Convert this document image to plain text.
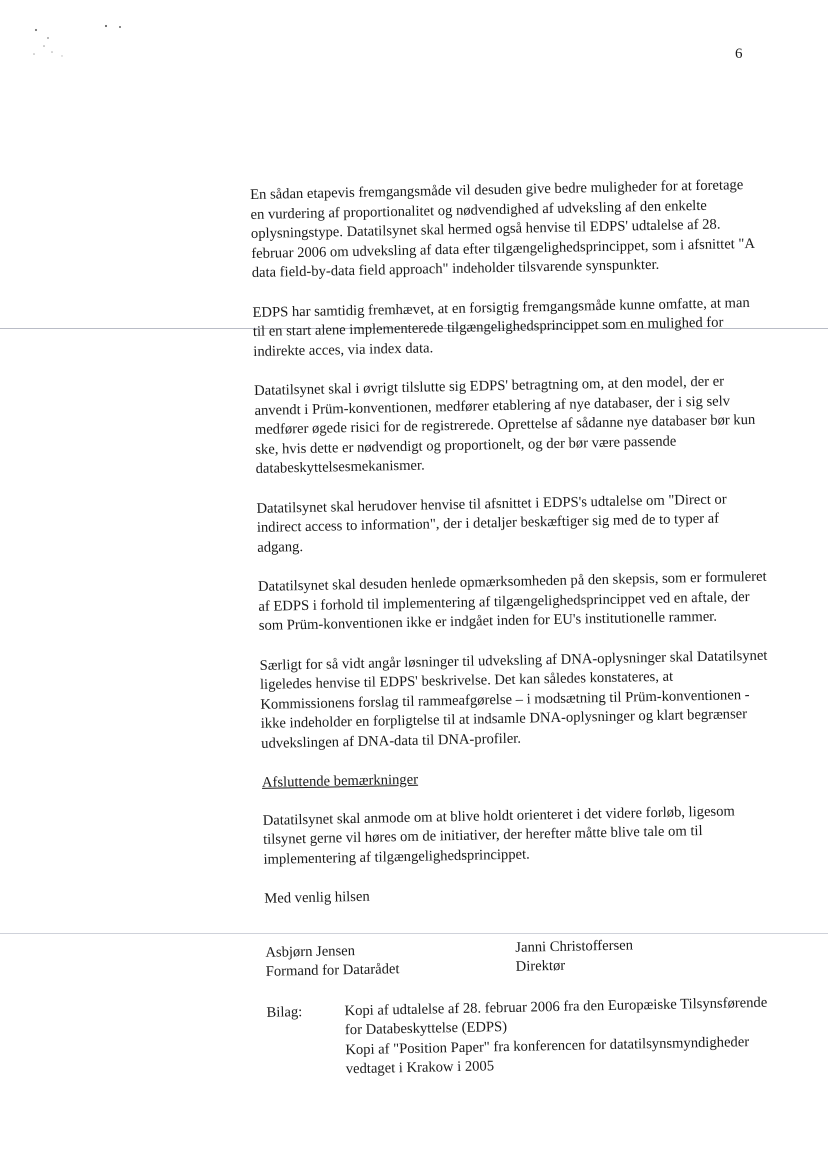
6

En sådan etapevis fremgangsmåde vil desuden give bedre muligheder for at foretage en vurdering af proportionalitet og nødvendighed af udveksling af den enkelte oplysningstype. Datatilsynet skal hermed også henvise til EDPS' udtalelse af 28. februar 2006 om udveksling af data efter tilgængelighedsprincippet, som i afsnittet "A data field-by-data field approach" indeholder tilsvarende synspunkter.

EDPS har samtidig fremhævet, at en forsigtig fremgangsmåde kunne omfatte, at man til en start alene implementerede tilgængelighedsprincippet som en mulighed for indirekte acces, via index data.

Datatilsynet skal i øvrigt tilslutte sig EDPS' betragtning om, at den model, der er anvendt i Prüm-konventionen, medfører etablering af nye databaser, der i sig selv medfører øgede risici for de registrerede. Oprettelse af sådanne nye databaser bør kun ske, hvis dette er nødvendigt og proportionelt, og der bør være passende databeskyttelsesmekanismer.

Datatilsynet skal herudover henvise til afsnittet i EDPS's udtalelse om "Direct or indirect access to information", der i detaljer beskæftiger sig med de to typer af adgang.

Datatilsynet skal desuden henlede opmærksomheden på den skepsis, som er formuleret af EDPS i forhold til implementering af tilgængelighedsprincippet ved en aftale, der som Prüm-konventionen ikke er indgået inden for EU's institutionelle rammer.

Særligt for så vidt angår løsninger til udveksling af DNA-oplysninger skal Datatilsynet ligeledes henvise til EDPS' beskrivelse. Det kan således konstateres, at Kommissionens forslag til rammeafgørelse – i modsætning til Prüm-konventionen - ikke indeholder en forpligtelse til at indsamle DNA-oplysninger og klart begrænser udvekslingen af DNA-data til DNA-profiler.

Afsluttende bemærkninger

Datatilsynet skal anmode om at blive holdt orienteret i det videre forløb, ligesom tilsynet gerne vil høres om de initiativer, der herefter måtte blive tale om til implementering af tilgængelighedsprincippet.

Med venlig hilsen

Asbjørn Jensen
Formand for Datarådet
Janni Christoffersen
Direktør
Bilag:	Kopi af udtalelse af 28. februar 2006 fra den Europæiske Tilsynsførende for Databeskyttelse (EDPS)
Kopi af "Position Paper" fra konferencen for datatilsynsmyndigheder vedtaget i Krakow i 2005
